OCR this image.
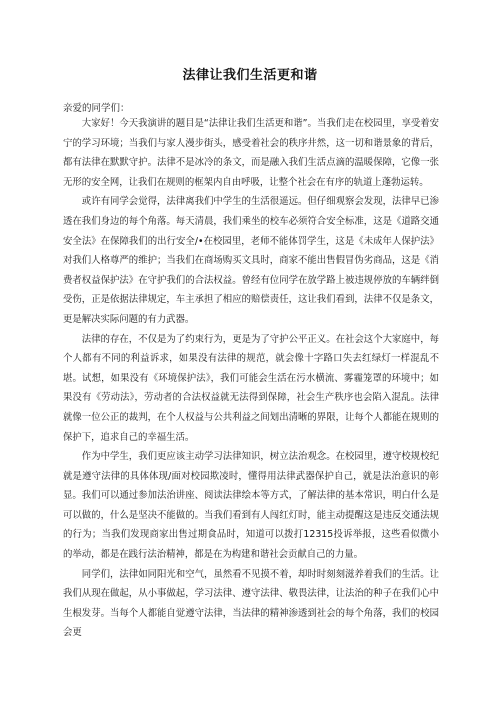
法律让我们生活更和谐
亲爱的同学们：

大家好！今天我演讲的题目是“法律让我们生活更和谐”。当我们走在校园里，享受着安宁的学习环境；当我们与家人漫步街头，感受着社会的秩序井然，这一切和谐景象的背后，都有法律在默默守护。法律不是冰冷的条文，而是融入我们生活点滴的温暖保障，它像一张无形的安全网，让我们在规则的框架内自由呼吸，让整个社会在有序的轨道上蓬勃运转。

或许有同学会觉得，法律离我们中学生的生活很遥远。但仔细观察会发现，法律早已渗透在我们身边的每个角落。每天清晨，我们乘坐的校车必须符合安全标准，这是《道路交通安全法》在保障我们的出行安全/•在校园里，老师不能体罚学生，这是《未成年人保护法》对我们人格尊严的维护；当我们在商场购买文具时，商家不能出售假冒伪劣商品，这是《消费者权益保护法》在守护我们的合法权益。曾经有位同学在放学路上被违规停放的车辆绊倒受伤，正是依据法律规定，车主承担了相应的赔偿责任，这让我们看到，法律不仅是条文，更是解决实际问题的有力武器。

法律的存在，不仅是为了约束行为，更是为了守护公平正义。在社会这个大家庭中，每个人都有不同的利益诉求，如果没有法律的规范，就会像十字路口失去红绿灯一样混乱不堪。试想，如果没有《环境保护法》，我们可能会生活在污水横流、雾霾笼罩的环境中；如果没有《劳动法》，劳动者的合法权益就无法得到保障，社会生产秩序也会陷入混乱。法律就像一位公正的裁判，在个人权益与公共利益之间划出清晰的界限，让每个人都能在规则的保护下，追求自己的幸福生活。

作为中学生，我们更应该主动学习法律知识，树立法治观念。在校园里，遵守校规校纪就是遵守法律的具体体现/面对校园欺凌时，懂得用法律武器保护自己，就是法治意识的彰显。我们可以通过参加法治讲座、阅读法律绘本等方式，了解法律的基本常识，明白什么是可以做的，什么是坚决不能做的。当我们看到有人闯红灯时，能主动提醒这是违反交通法规的行为；当我们发现商家出售过期食品时，知道可以拨打12315投诉举报，这些看似微小的举动，都是在践行法治精神，都是在为构建和谐社会贡献自己的力量。

同学们，法律如同阳光和空气，虽然看不见摸不着，却时时刻刻滋养着我们的生活。让我们从现在做起，从小事做起，学习法律、遵守法律、敬畏法律，让法治的种子在我们心中生根发芽。当每个人都能自觉遵守法律，当法律的精神渗透到社会的每个角落，我们的校园会更
